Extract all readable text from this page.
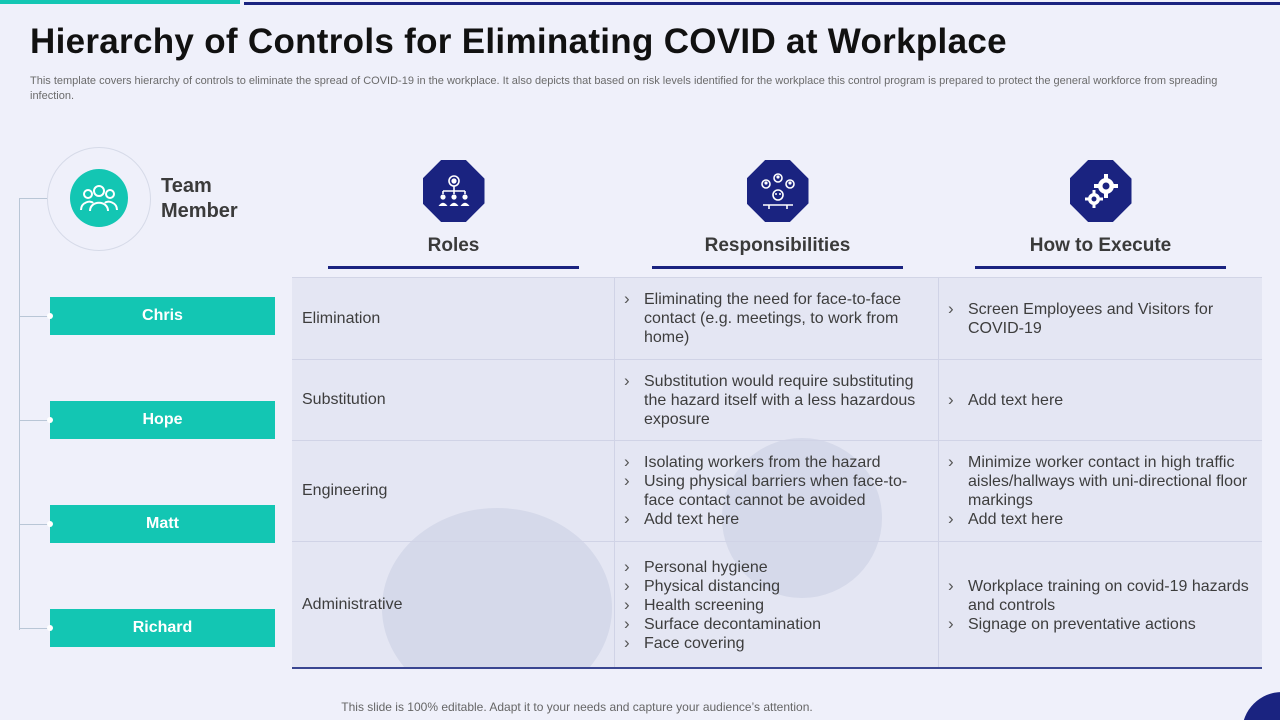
Hierarchy of Controls for Eliminating COVID at Workplace

This template covers hierarchy of controls to eliminate the spread of COVID-19 in the workplace. It also depicts that based on risk levels identified for the workplace this control program is prepared to protect the general workforce from spreading infection.

Team
Member
Chris
Hope
Matt
Richard
Roles	Responsibilities	How to Execute
Elimination
› Eliminating the need for face-to-face contact (e.g. meetings, to work from home)
› Screen Employees and Visitors for COVID-19
Substitution
› Substitution would require substituting the hazard itself with a less hazardous exposure
› Add text here
Engineering
› Isolating workers from the hazard
› Using physical barriers when face-to-face contact cannot be avoided
› Add text here
› Minimize worker contact in high traffic aisles/hallways with uni-directional floor markings
› Add text here
Administrative
› Personal hygiene
› Physical distancing
› Health screening
› Surface decontamination
› Face covering
› Workplace training on covid-19 hazards and controls
› Signage on preventative actions
This slide is 100% editable. Adapt it to your needs and capture your audience’s attention.
